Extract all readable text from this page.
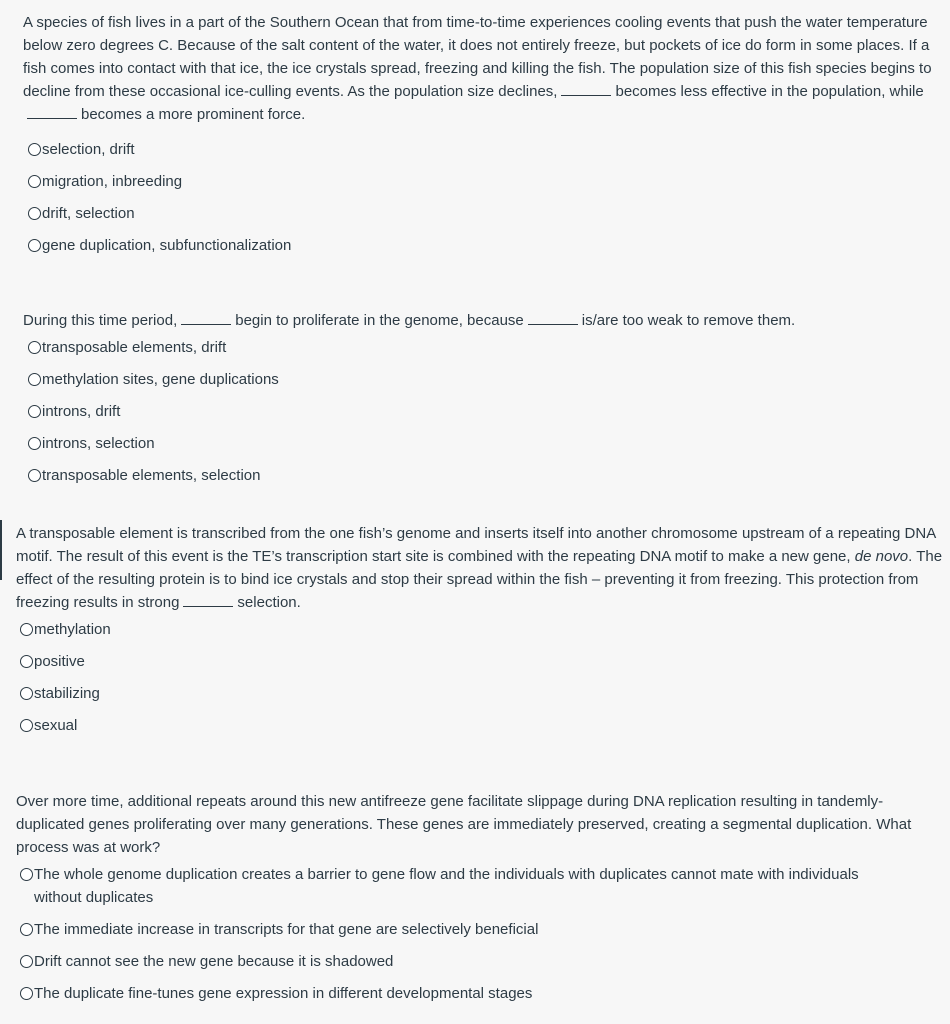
A species of fish lives in a part of the Southern Ocean that from time-to-time experiences cooling events that push the water temperature below zero degrees C. Because of the salt content of the water, it does not entirely freeze, but pockets of ice do form in some places. If a fish comes into contact with that ice, the ice crystals spread, freezing and killing the fish. The population size of this fish species begins to decline from these occasional ice-culling events. As the population size declines,	becomes less effective in the population, whilebecomes a more prominent force.

selection, drift
migration, inbreeding
drift, selection
gene duplication, subfunctionalization

During this time period,	begin to proliferate in the genome, because	is/are too weak to remove them.

transposable elements, drift
methylation sites, gene duplications
introns, drift
introns, selection
transposable elements, selection

A transposable element is transcribed from the one fish’s genome and inserts itself into another chromosome upstream of a repeating DNA motif. The result of this event is the TE’s transcription start site is combined with the repeating DNA motif to make a new gene, de novo. The effect of the resulting protein is to bind ice crystals and stop their spread within the fish – preventing it from freezing. This protection from freezing results in strong	selection.

methylation
positive
stabilizing
sexual

Over more time, additional repeats around this new antifreeze gene facilitate slippage during DNA replication resulting in tandemly-duplicated genes proliferating over many generations. These genes are immediately preserved, creating a segmental duplication. What process was at work?

The whole genome duplication creates a barrier to gene flow and the individuals with duplicates cannot mate with individuals without duplicates
The immediate increase in transcripts for that gene are selectively beneficial
Drift cannot see the new gene because it is shadowed
The duplicate fine-tunes gene expression in different developmental stages
